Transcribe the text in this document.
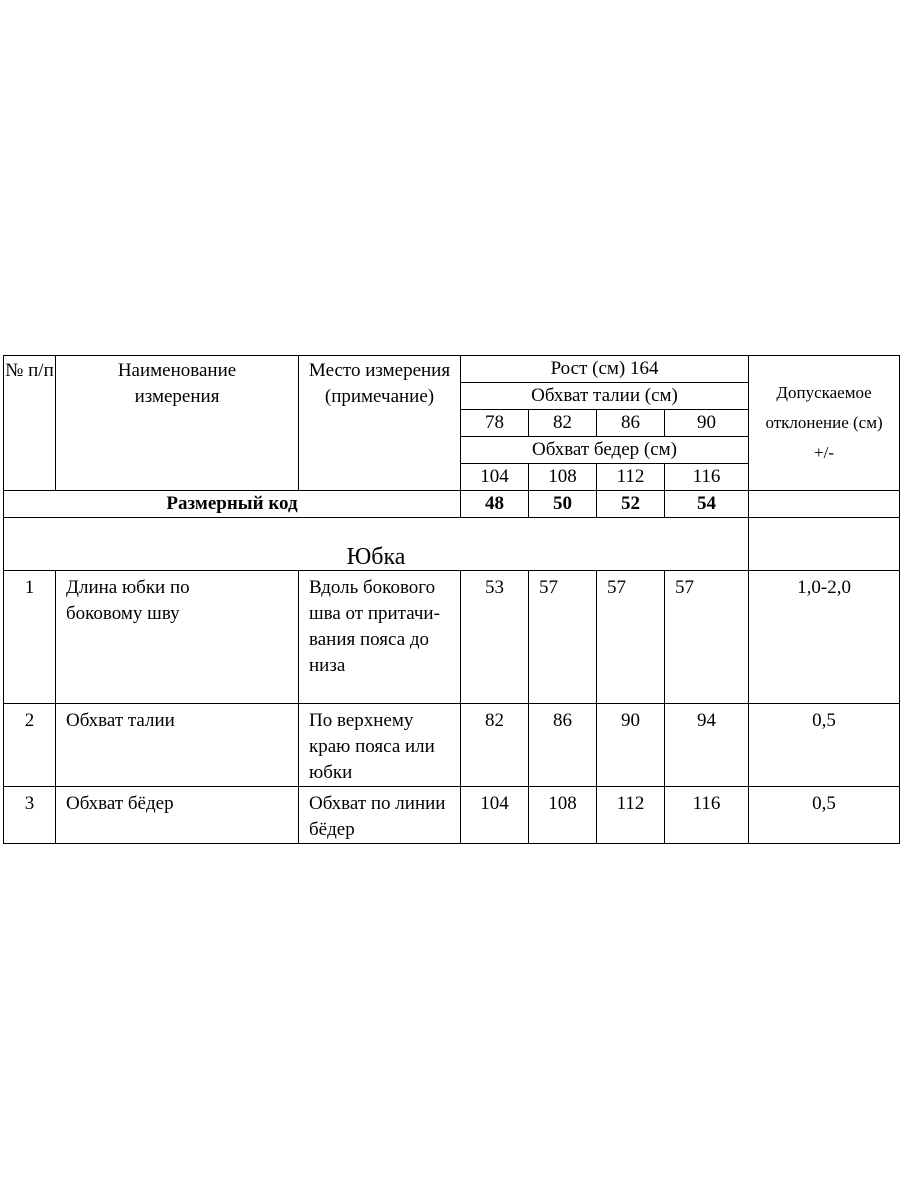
№ п/п	Наименование измерения	Место измерения (примечание)	Рост (см) 164				Допускаемое отклонение (см) +/-
			Обхват талии (см)				
			78	82	86	90	
			Обхват бедер (см)				
			104	108	112	116	
Размерный код			48	50	52	54	
Юбка							
1	Длина юбки по боковому шву	Вдоль бокового шва от притачи-вания пояса до низа	53	57	57	57	1,0-2,0
2	Обхват талии	По верхнему краю пояса или юбки	82	86	90	94	0,5
3	Обхват бёдер	Обхват по линии бёдер	104	108	112	116	0,5
